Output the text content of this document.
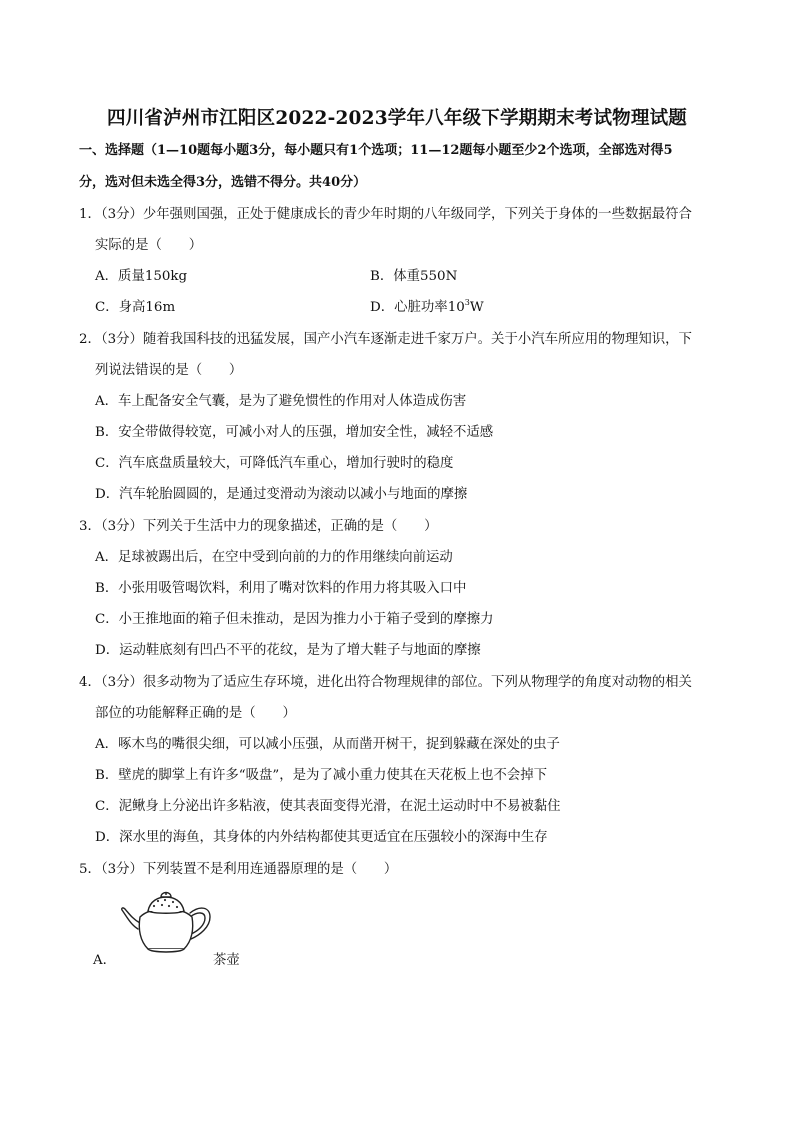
四川省泸州市江阳区2022-2023学年八年级下学期期末考试物理试题
一、选择题（1—10题每小题3分，每小题只有1个选项；11—12题每小题至少2个选项，全部选对得5
分，选对但未选全得3分，选错不得分。共40分）
1．（3分）少年强则国强，正处于健康成长的青少年时期的八年级同学，下列关于身体的一些数据最符合
实际的是（　　）
A．质量150kg	B．体重550N
C．身高16m	D．心脏功率$10^3W$
2．（3分）随着我国科技的迅猛发展，国产小汽车逐渐走进千家万户。关于小汽车所应用的物理知识，下
列说法错误的是（　　）
A．车上配备安全气囊，是为了避免惯性的作用对人体造成伤害
B．安全带做得较宽，可减小对人的压强，增加安全性，减轻不适感
C．汽车底盘质量较大，可降低汽车重心，增加行驶时的稳度
D．汽车轮胎圆圆的，是通过变滑动为滚动以减小与地面的摩擦
3．（3分）下列关于生活中力的现象描述，正确的是（　　）
A．足球被踢出后，在空中受到向前的力的作用继续向前运动
B．小张用吸管喝饮料，利用了嘴对饮料的作用力将其吸入口中
C．小王推地面的箱子但未推动，是因为推力小于箱子受到的摩擦力
D．运动鞋底刻有凹凸不平的花纹，是为了增大鞋子与地面的摩擦
4．（3分）很多动物为了适应生存环境，进化出符合物理规律的部位。下列从物理学的角度对动物的相关
部位的功能解释正确的是（　　）
A．啄木鸟的嘴很尖细，可以减小压强，从而凿开树干，捉到躲藏在深处的虫子
B．壁虎的脚掌上有许多“吸盘”，是为了减小重力使其在天花板上也不会掉下
C．泥鳅身上分泌出许多粘液，使其表面变得光滑，在泥土运动时中不易被黏住
D．深水里的海鱼，其身体的内外结构都使其更适宜在压强较小的深海中生存
5．（3分）下列装置不是利用连通器原理的是（　　）
A．	茶壶
